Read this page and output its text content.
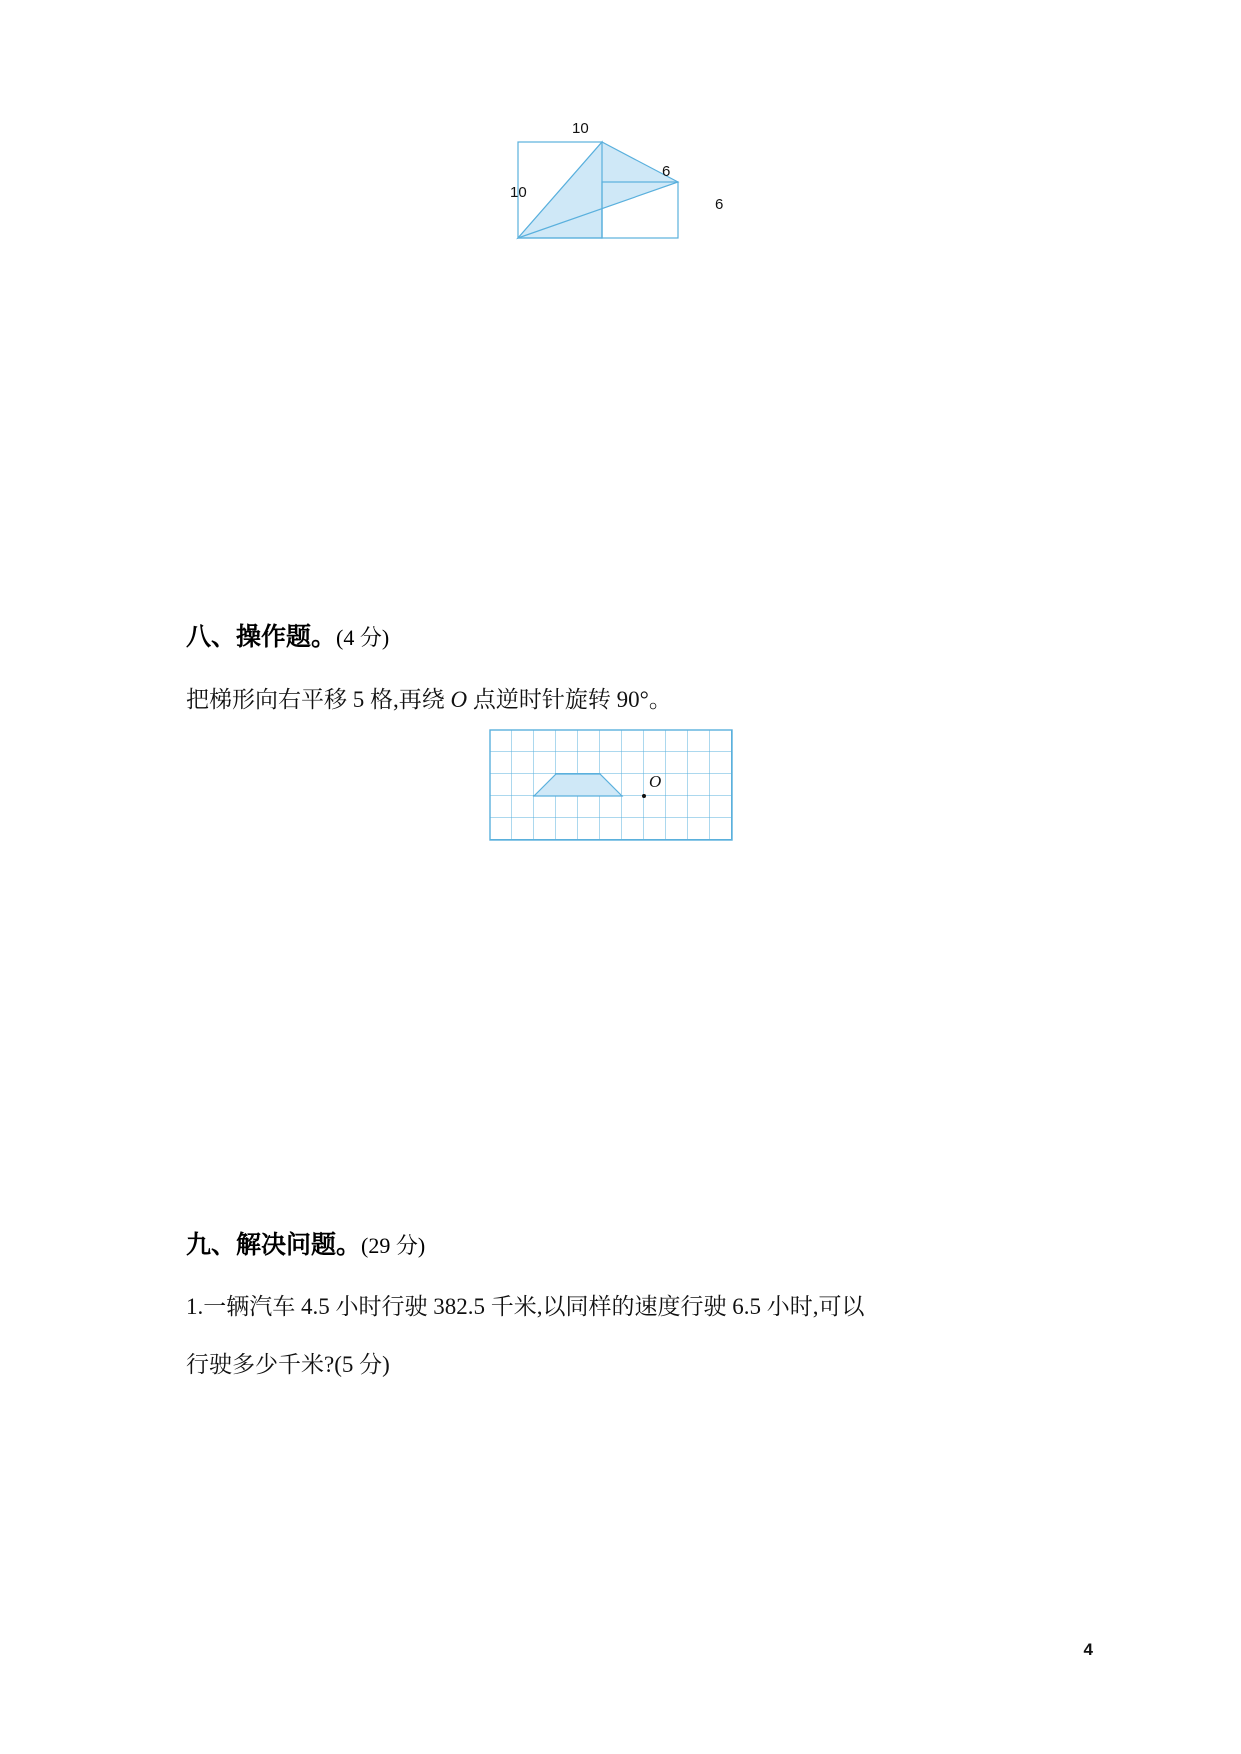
10
10
6
6
八、操作题。(4 分)
把梯形向右平移 5 格,再绕 O 点逆时针旋转 90°。
O
九、解决问题。(29 分)
1.一辆汽车 4.5 小时行驶 382.5 千米,以同样的速度行驶 6.5 小时,可以
行驶多少千米?(5 分)
4
